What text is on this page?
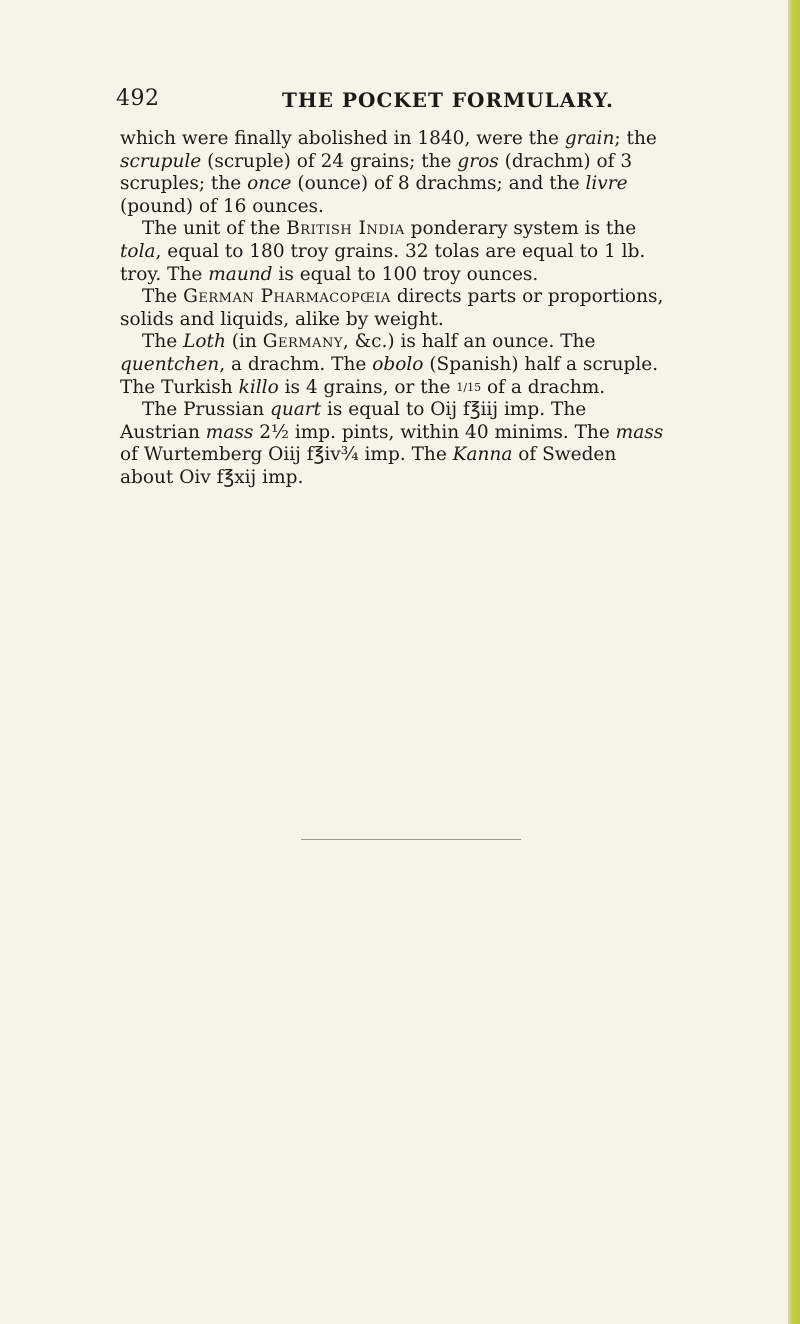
492	THE POCKET FORMULARY.
which were finally abolished in 1840, were the grain; the
scrupule (scruple) of 24 grains; the gros (drachm) of 3
scruples; the once (ounce) of 8 drachms; and the livre
(pound) of 16 ounces.
The unit of the British India ponderary system is the
tola, equal to 180 troy grains. 32 tolas are equal to 1 lb.
troy. The maund is equal to 100 troy ounces.
The German Pharmacopœia directs parts or proportions,
solids and liquids, alike by weight.
The Loth (in Germany, &c.) is half an ounce. The
quentchen, a drachm. The obolo (Spanish) half a scruple.
The Turkish killo is 4 grains, or the 1/15 of a drachm.
The Prussian quart is equal to Oij f℥iij imp. The
Austrian mass 2½ imp. pints, within 40 minims. The mass
of Wurtemberg Oiij f℥iv¾ imp. The Kanna of Sweden
about Oiv f℥xij imp.
